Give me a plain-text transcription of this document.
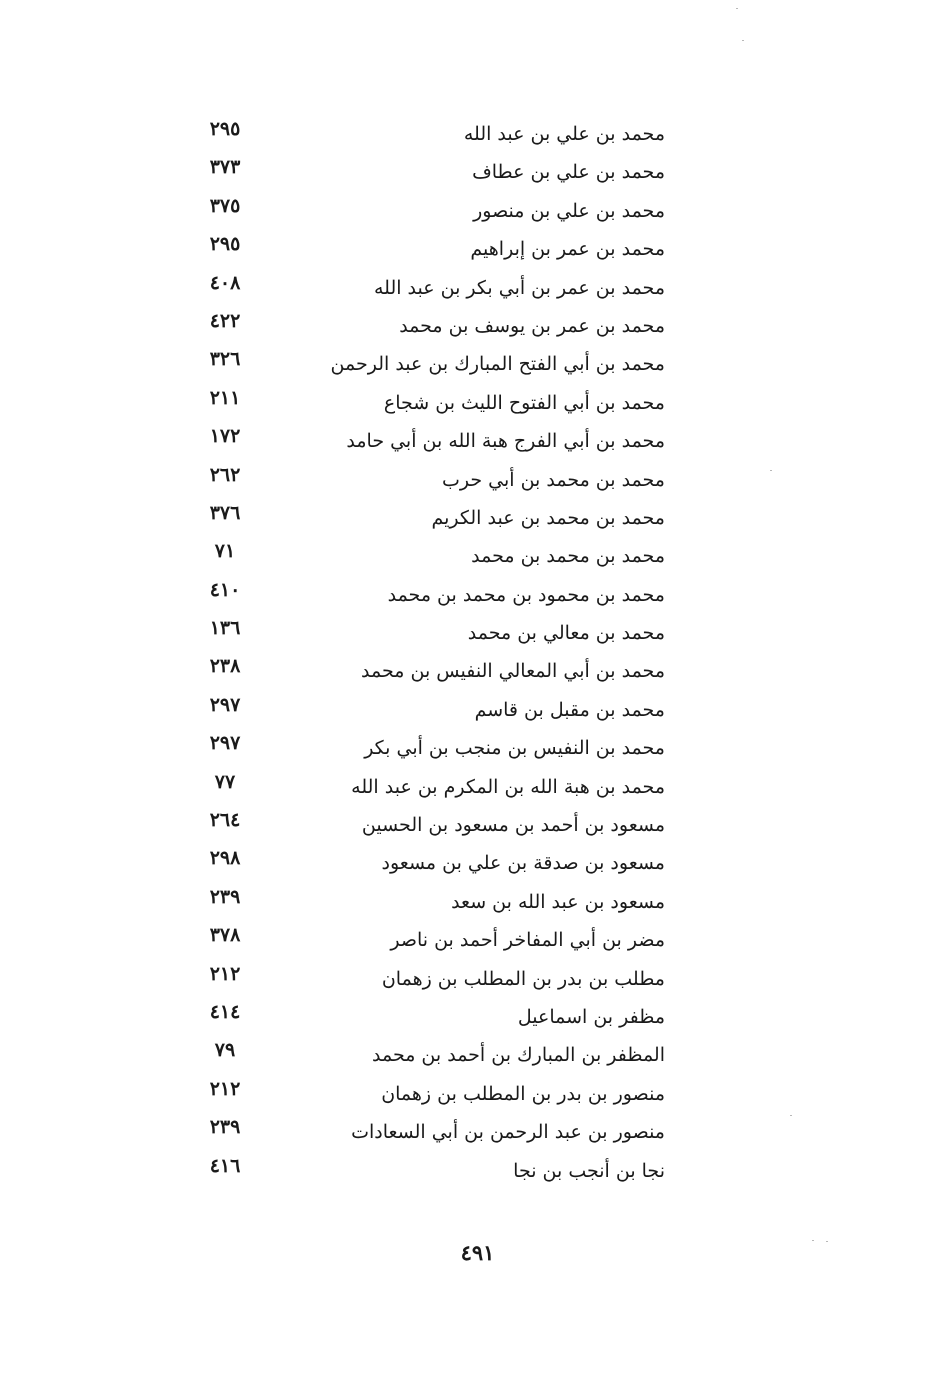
محمد بن علي بن عبد الله
٢٩٥
محمد بن علي بن عطاف
٣٧٣
محمد بن علي بن منصور
٣٧٥
محمد بن عمر بن إبراهيم
٢٩٥
محمد بن عمر بن أبي بكر بن عبد الله
٤٠٨
محمد بن عمر بن يوسف بن محمد
٤٢٢
محمد بن أبي الفتح المبارك بن عبد الرحمن
٣٢٦
محمد بن أبي الفتوح الليث بن شجاع
٢١١
محمد بن أبي الفرج هبة الله بن أبي حامد
١٧٢
محمد بن محمد بن أبي حرب
٢٦٢
محمد بن محمد بن عبد الكريم
٣٧٦
محمد بن محمد بن محمد
٧١
محمد بن محمود بن محمد بن محمد
٤١٠
محمد بن معالي بن محمد
١٣٦
محمد بن أبي المعالي النفيس بن محمد
٢٣٨
محمد بن مقبل بن قاسم
٢٩٧
محمد بن النفيس بن منجب بن أبي بكر
٢٩٧
محمد بن هبة الله بن المكرم بن عبد الله
٧٧
مسعود بن أحمد بن مسعود بن الحسين
٢٦٤
مسعود بن صدقة بن علي بن مسعود
٢٩٨
مسعود بن عبد الله بن سعد
٢٣٩
مضر بن أبي المفاخر أحمد بن ناصر
٣٧٨
مطلب بن بدر بن المطلب بن زهمان
٢١٢
مظفر بن اسماعيل
٤١٤
المظفر بن المبارك بن أحمد بن محمد
٧٩
منصور بن بدر بن المطلب بن زهمان
٢١٢
منصور بن عبد الرحمن بن أبي السعادات
٢٣٩
نجا بن أنجب بن نجا
٤١٦
٤٩١
